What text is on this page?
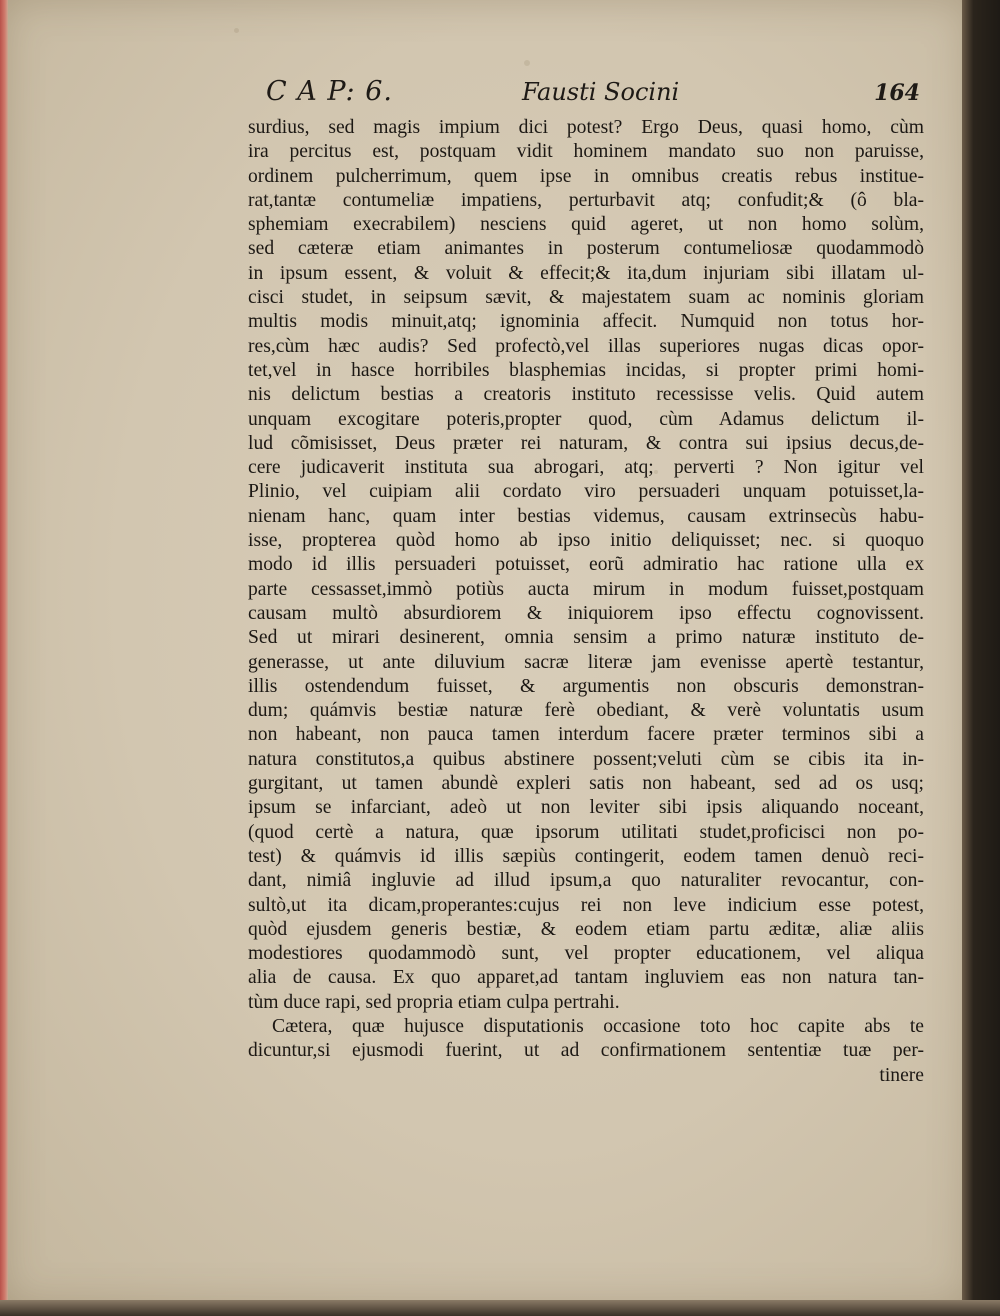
C A P: 6.	Fausti Socini	164
surdius, sed magis impium dici potest? Ergo Deus, quasi homo, cùm
ira percitus est, postquam vidit hominem mandato suo non paruisse,
ordinem pulcherrimum, quem ipse in omnibus creatis rebus institue-
rat,tantæ contumeliæ impatiens, perturbavit atq; confudit;& (ô bla-
sphemiam execrabilem) nesciens quid ageret, ut non homo solùm,
sed cæteræ etiam animantes in posterum contumeliosæ quodammodò
in ipsum essent, & voluit & effecit;& ita,dum injuriam sibi illatam ul-
cisci studet, in seipsum sævit, & majestatem suam ac nominis gloriam
multis modis minuit,atq; ignominia affecit. Numquid non totus hor-
res,cùm hæc audis? Sed profectò,vel illas superiores nugas dicas opor-
tet,vel in hasce horribiles blasphemias incidas, si propter primi homi-
nis delictum bestias a creatoris instituto recessisse velis. Quid autem
unquam excogitare poteris,propter quod, cùm Adamus delictum il-
lud cõmisisset, Deus præter rei naturam, & contra sui ipsius decus,de-
cere judicaverit instituta sua abrogari, atq; perverti ? Non igitur vel
Plinio, vel cuipiam alii cordato viro persuaderi unquam potuisset,la-
nienam hanc, quam inter bestias videmus, causam extrinsecùs habu-
isse, propterea quòd homo ab ipso initio deliquisset; nec. si quoquo
modo id illis persuaderi potuisset, eorũ admiratio hac ratione ulla ex
parte cessasset,immò potiùs aucta mirum in modum fuisset,postquam
causam multò absurdiorem & iniquiorem ipso effectu cognovissent.
Sed ut mirari desinerent, omnia sensim a primo naturæ instituto de-
generasse, ut ante diluvium sacræ literæ jam evenisse apertè testantur,
illis ostendendum fuisset, & argumentis non obscuris demonstran-
dum; quámvis bestiæ naturæ ferè obediant, & verè voluntatis usum
non habeant, non pauca tamen interdum facere præter terminos sibi a
natura constitutos,a quibus abstinere possent;veluti cùm se cibis ita in-
gurgitant, ut tamen abundè expleri satis non habeant, sed ad os usq;
ipsum se infarciant, adeò ut non leviter sibi ipsis aliquando noceant,
(quod certè a natura, quæ ipsorum utilitati studet,proficisci non po-
test) & quámvis id illis sæpiùs contingerit, eodem tamen denuò reci-
dant, nimiâ ingluvie ad illud ipsum,a quo naturaliter revocantur, con-
sultò,ut ita dicam,properantes:cujus rei non leve indicium esse potest,
quòd ejusdem generis bestiæ, & eodem etiam partu æditæ, aliæ aliis
modestiores quodammodò sunt, vel propter educationem, vel aliqua
alia de causa. Ex quo apparet,ad tantam ingluviem eas non natura tan-
tùm duce rapi, sed propria etiam culpa pertrahi.
Cætera, quæ hujusce disputationis occasione toto hoc capite abs te
dicuntur,si ejusmodi fuerint, ut ad confirmationem sententiæ tuæ per-
tinere
